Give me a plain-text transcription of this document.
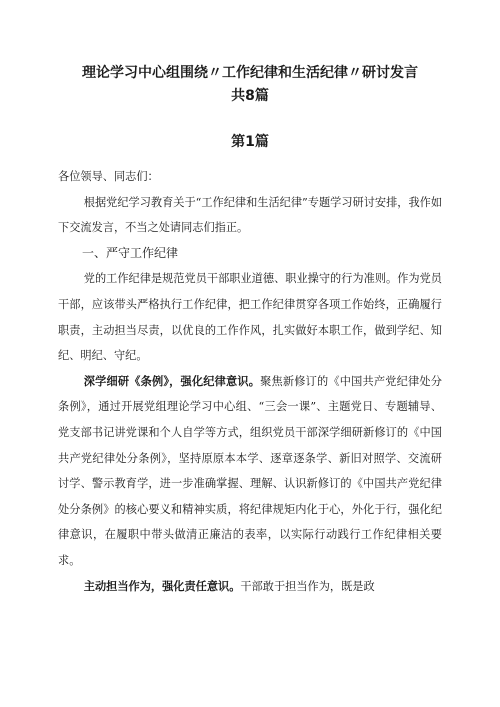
理论学习中心组围绕〃工作纪律和生活纪律〃研讨发言

共8篇

第1篇

各位领导、同志们：

根据党纪学习教育关于“工作纪律和生活纪律”专题学习研讨安排，我作如下交流发言，不当之处请同志们指正。

一、严守工作纪律

党的工作纪律是规范党员干部职业道德、职业操守的行为准则。作为党员干部，应该带头严格执行工作纪律，把工作纪律贯穿各项工作始终，正确履行职责，主动担当尽责，以优良的工作作风，扎实做好本职工作，做到学纪、知纪、明纪、守纪。

深学细研《条例》，强化纪律意识。聚焦新修订的《中国共产党纪律处分条例》，通过开展党组理论学习中心组、“三会一课”、主题党日、专题辅导、党支部书记讲党课和个人自学等方式，组织党员干部深学细研新修订的《中国共产党纪律处分条例》，坚持原原本本学、逐章逐条学、新旧对照学、交流研讨学、警示教育学，进一步准确掌握、理解、认识新修订的《中国共产党纪律处分条例》的核心要义和精神实质，将纪律规矩内化于心，外化于行，强化纪律意识，在履职中带头做清正廉洁的表率，以实际行动践行工作纪律相关要求。

主动担当作为，强化责任意识。干部敢于担当作为，既是政
